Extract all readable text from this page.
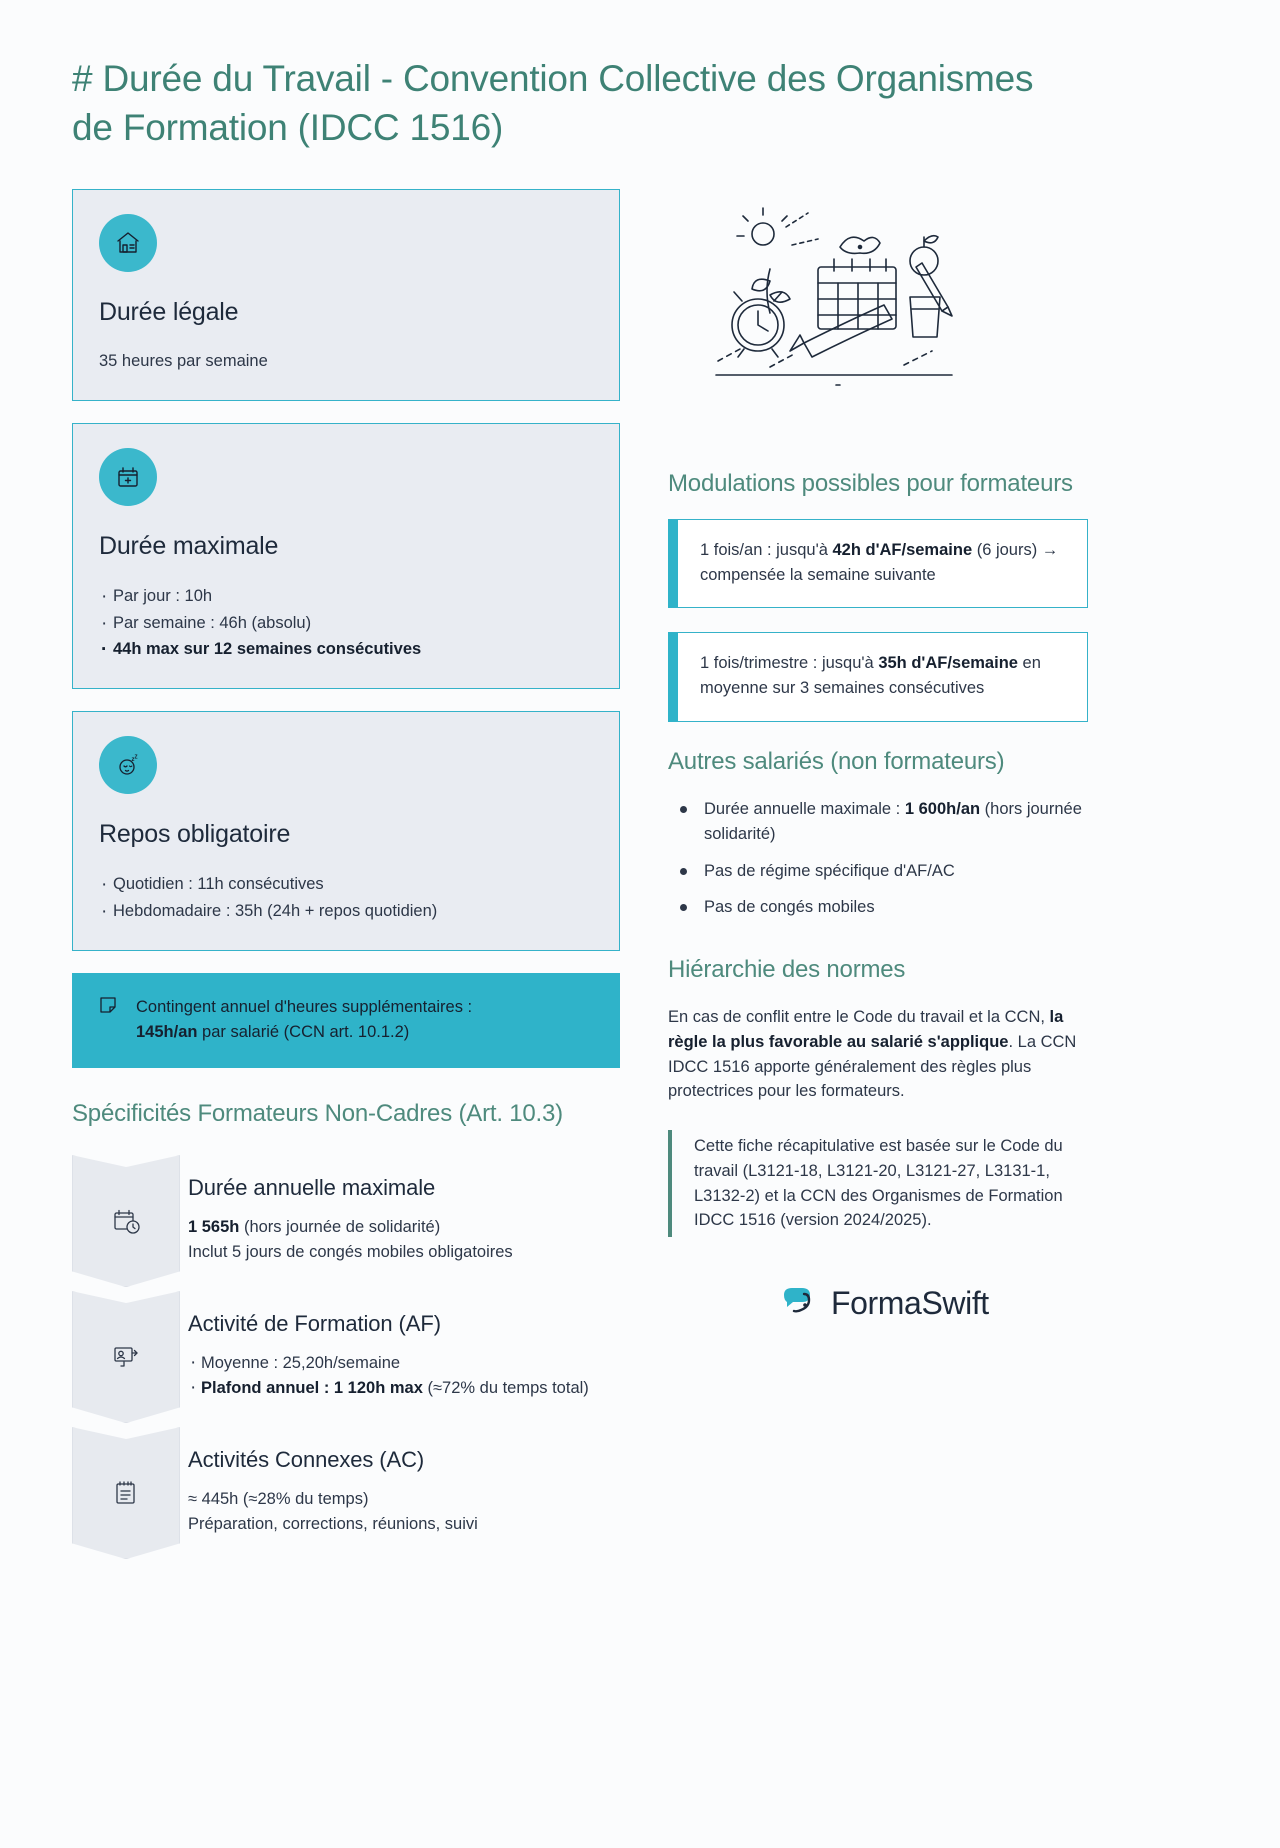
# Durée du Travail - Convention Collective des Organismes de Formation (IDCC 1516)
Durée légale
35 heures par semaine
Durée maximale
· Par jour : 10h
· Par semaine : 46h (absolu)
· 44h max sur 12 semaines consécutives
z Z
Repos obligatoire
· Quotidien : 11h consécutives
· Hebdomadaire : 35h (24h + repos quotidien)
Contingent annuel d'heures supplémentaires :
145h/an par salarié (CCN art. 10.1.2)
Spécificités Formateurs Non-Cadres (Art. 10.3)
Durée annuelle maximale
1 565h (hors journée de solidarité)
Inclut 5 jours de congés mobiles obligatoires
Activité de Formation (AF)
· Moyenne : 25,20h/semaine
· Plafond annuel : 1 120h max (≈72% du temps total)
Activités Connexes (AC)
≈ 445h (≈28% du temps)
Préparation, corrections, réunions, suivi
Modulations possibles pour formateurs
1 fois/an : jusqu'à 42h d'AF/semaine (6 jours) → compensée la semaine suivante
1 fois/trimestre : jusqu'à 35h d'AF/semaine en moyenne sur 3 semaines consécutives
Autres salariés (non formateurs)
Durée annuelle maximale : 1 600h/an (hors journée solidarité)
Pas de régime spécifique d'AF/AC
Pas de congés mobiles
Hiérarchie des normes
En cas de conflit entre le Code du travail et la CCN, la règle la plus favorable au salarié s'applique. La CCN IDCC 1516 apporte généralement des règles plus protectrices pour les formateurs.
Cette fiche récapitulative est basée sur le Code du travail (L3121-18, L3121-20, L3121-27, L3131-1, L3132-2) et la CCN des Organismes de Formation IDCC 1516 (version 2024/2025).
FormaSwift
